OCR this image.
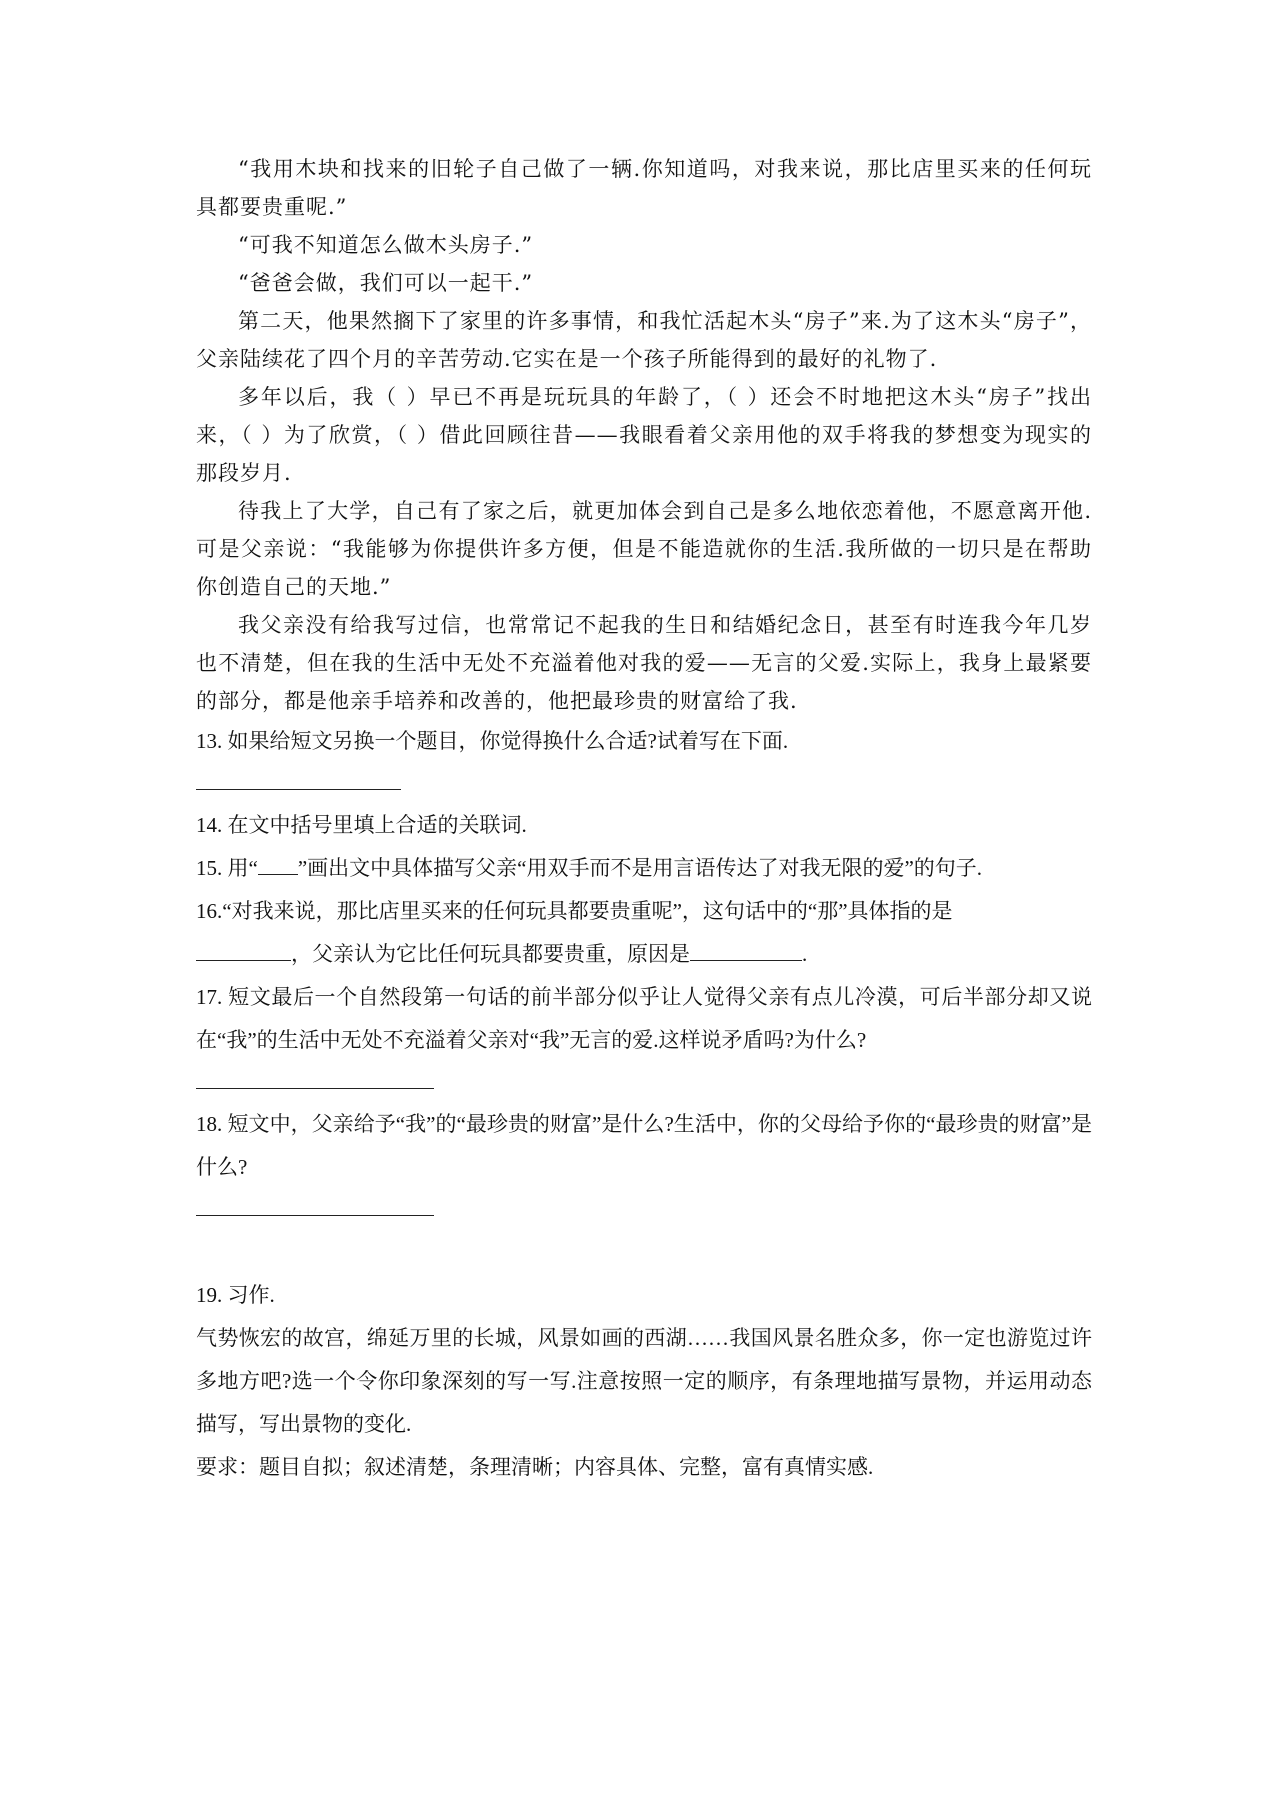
“我用木块和找来的旧轮子自己做了一辆.你知道吗，对我来说，那比店里买来的任何玩具都要贵重呢.”

“可我不知道怎么做木头房子.”

“爸爸会做，我们可以一起干.”

第二天，他果然搁下了家里的许多事情，和我忙活起木头“房子”来.为了这木头“房子”，父亲陆续花了四个月的辛苦劳动.它实在是一个孩子所能得到的最好的礼物了.

多年以后，我（ ）早已不再是玩玩具的年龄了，（ ）还会不时地把这木头“房子”找出来，（ ）为了欣赏，（ ）借此回顾往昔——我眼看着父亲用他的双手将我的梦想变为现实的那段岁月.

待我上了大学，自己有了家之后，就更加体会到自己是多么地依恋着他，不愿意离开他.可是父亲说：“我能够为你提供许多方便，但是不能造就你的生活.我所做的一切只是在帮助你创造自己的天地.”

我父亲没有给我写过信，也常常记不起我的生日和结婚纪念日，甚至有时连我今年几岁也不清楚，但在我的生活中无处不充溢着他对我的爱——无言的父爱.实际上，我身上最紧要的部分，都是他亲手培养和改善的，他把最珍贵的财富给了我.

13. 如果给短文另换一个题目，你觉得换什么合适?试着写在下面.

14. 在文中括号里填上合适的关联词.

15. 用“ ”画出文中具体描写父亲“用双手而不是用言语传达了对我无限的爱”的句子.

16.“对我来说，那比店里买来的任何玩具都要贵重呢”，这句话中的“那”具体指的是
，父亲认为它比任何玩具都要贵重，原因是	.

17. 短文最后一个自然段第一句话的前半部分似乎让人觉得父亲有点儿冷漠，可后半部分却又说在“我”的生活中无处不充溢着父亲对“我”无言的爱.这样说矛盾吗?为什么?

18. 短文中，父亲给予“我”的“最珍贵的财富”是什么?生活中，你的父母给予你的“最珍贵的财富”是什么?

19. 习作.

气势恢宏的故宫，绵延万里的长城，风景如画的西湖……我国风景名胜众多，你一定也游览过许多地方吧?选一个令你印象深刻的写一写.注意按照一定的顺序，有条理地描写景物，并运用动态描写，写出景物的变化.

要求：题目自拟；叙述清楚，条理清晰；内容具体、完整，富有真情实感.
